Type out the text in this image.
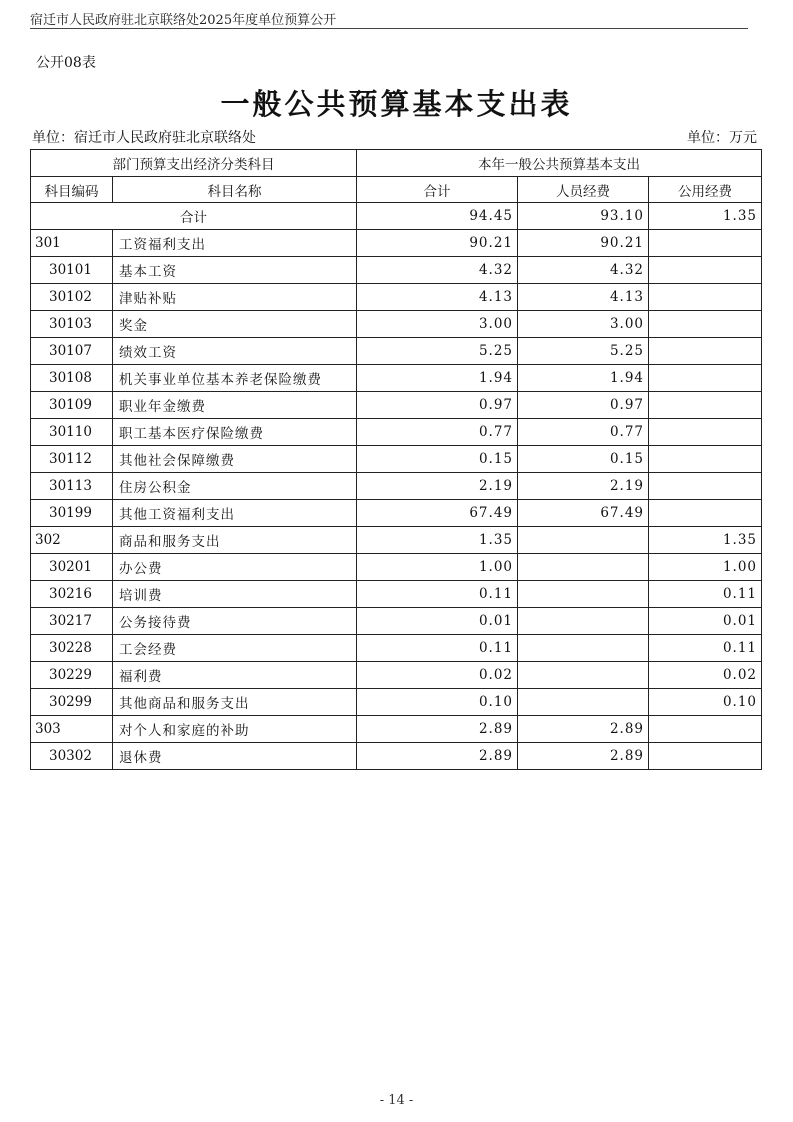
宿迁市人民政府驻北京联络处2025年度单位预算公开
公开08表
一般公共预算基本支出表
单位：宿迁市人民政府驻北京联络处	单位：万元
部门预算支出经济分类科目		本年一般公共预算基本支出		
科目编码	科目名称	合计	人员经费	公用经费
合计		94.45	93.10	1.35
301	工资福利支出	90.21	90.21	
30101	基本工资	4.32	4.32	
30102	津贴补贴	4.13	4.13	
30103	奖金	3.00	3.00	
30107	绩效工资	5.25	5.25	
30108	机关事业单位基本养老保险缴费	1.94	1.94	
30109	职业年金缴费	0.97	0.97	
30110	职工基本医疗保险缴费	0.77	0.77	
30112	其他社会保障缴费	0.15	0.15	
30113	住房公积金	2.19	2.19	
30199	其他工资福利支出	67.49	67.49	
302	商品和服务支出	1.35		1.35
30201	办公费	1.00		1.00
30216	培训费	0.11		0.11
30217	公务接待费	0.01		0.01
30228	工会经费	0.11		0.11
30229	福利费	0.02		0.02
30299	其他商品和服务支出	0.10		0.10
303	对个人和家庭的补助	2.89	2.89	
30302	退休费	2.89	2.89	
- 14 -
